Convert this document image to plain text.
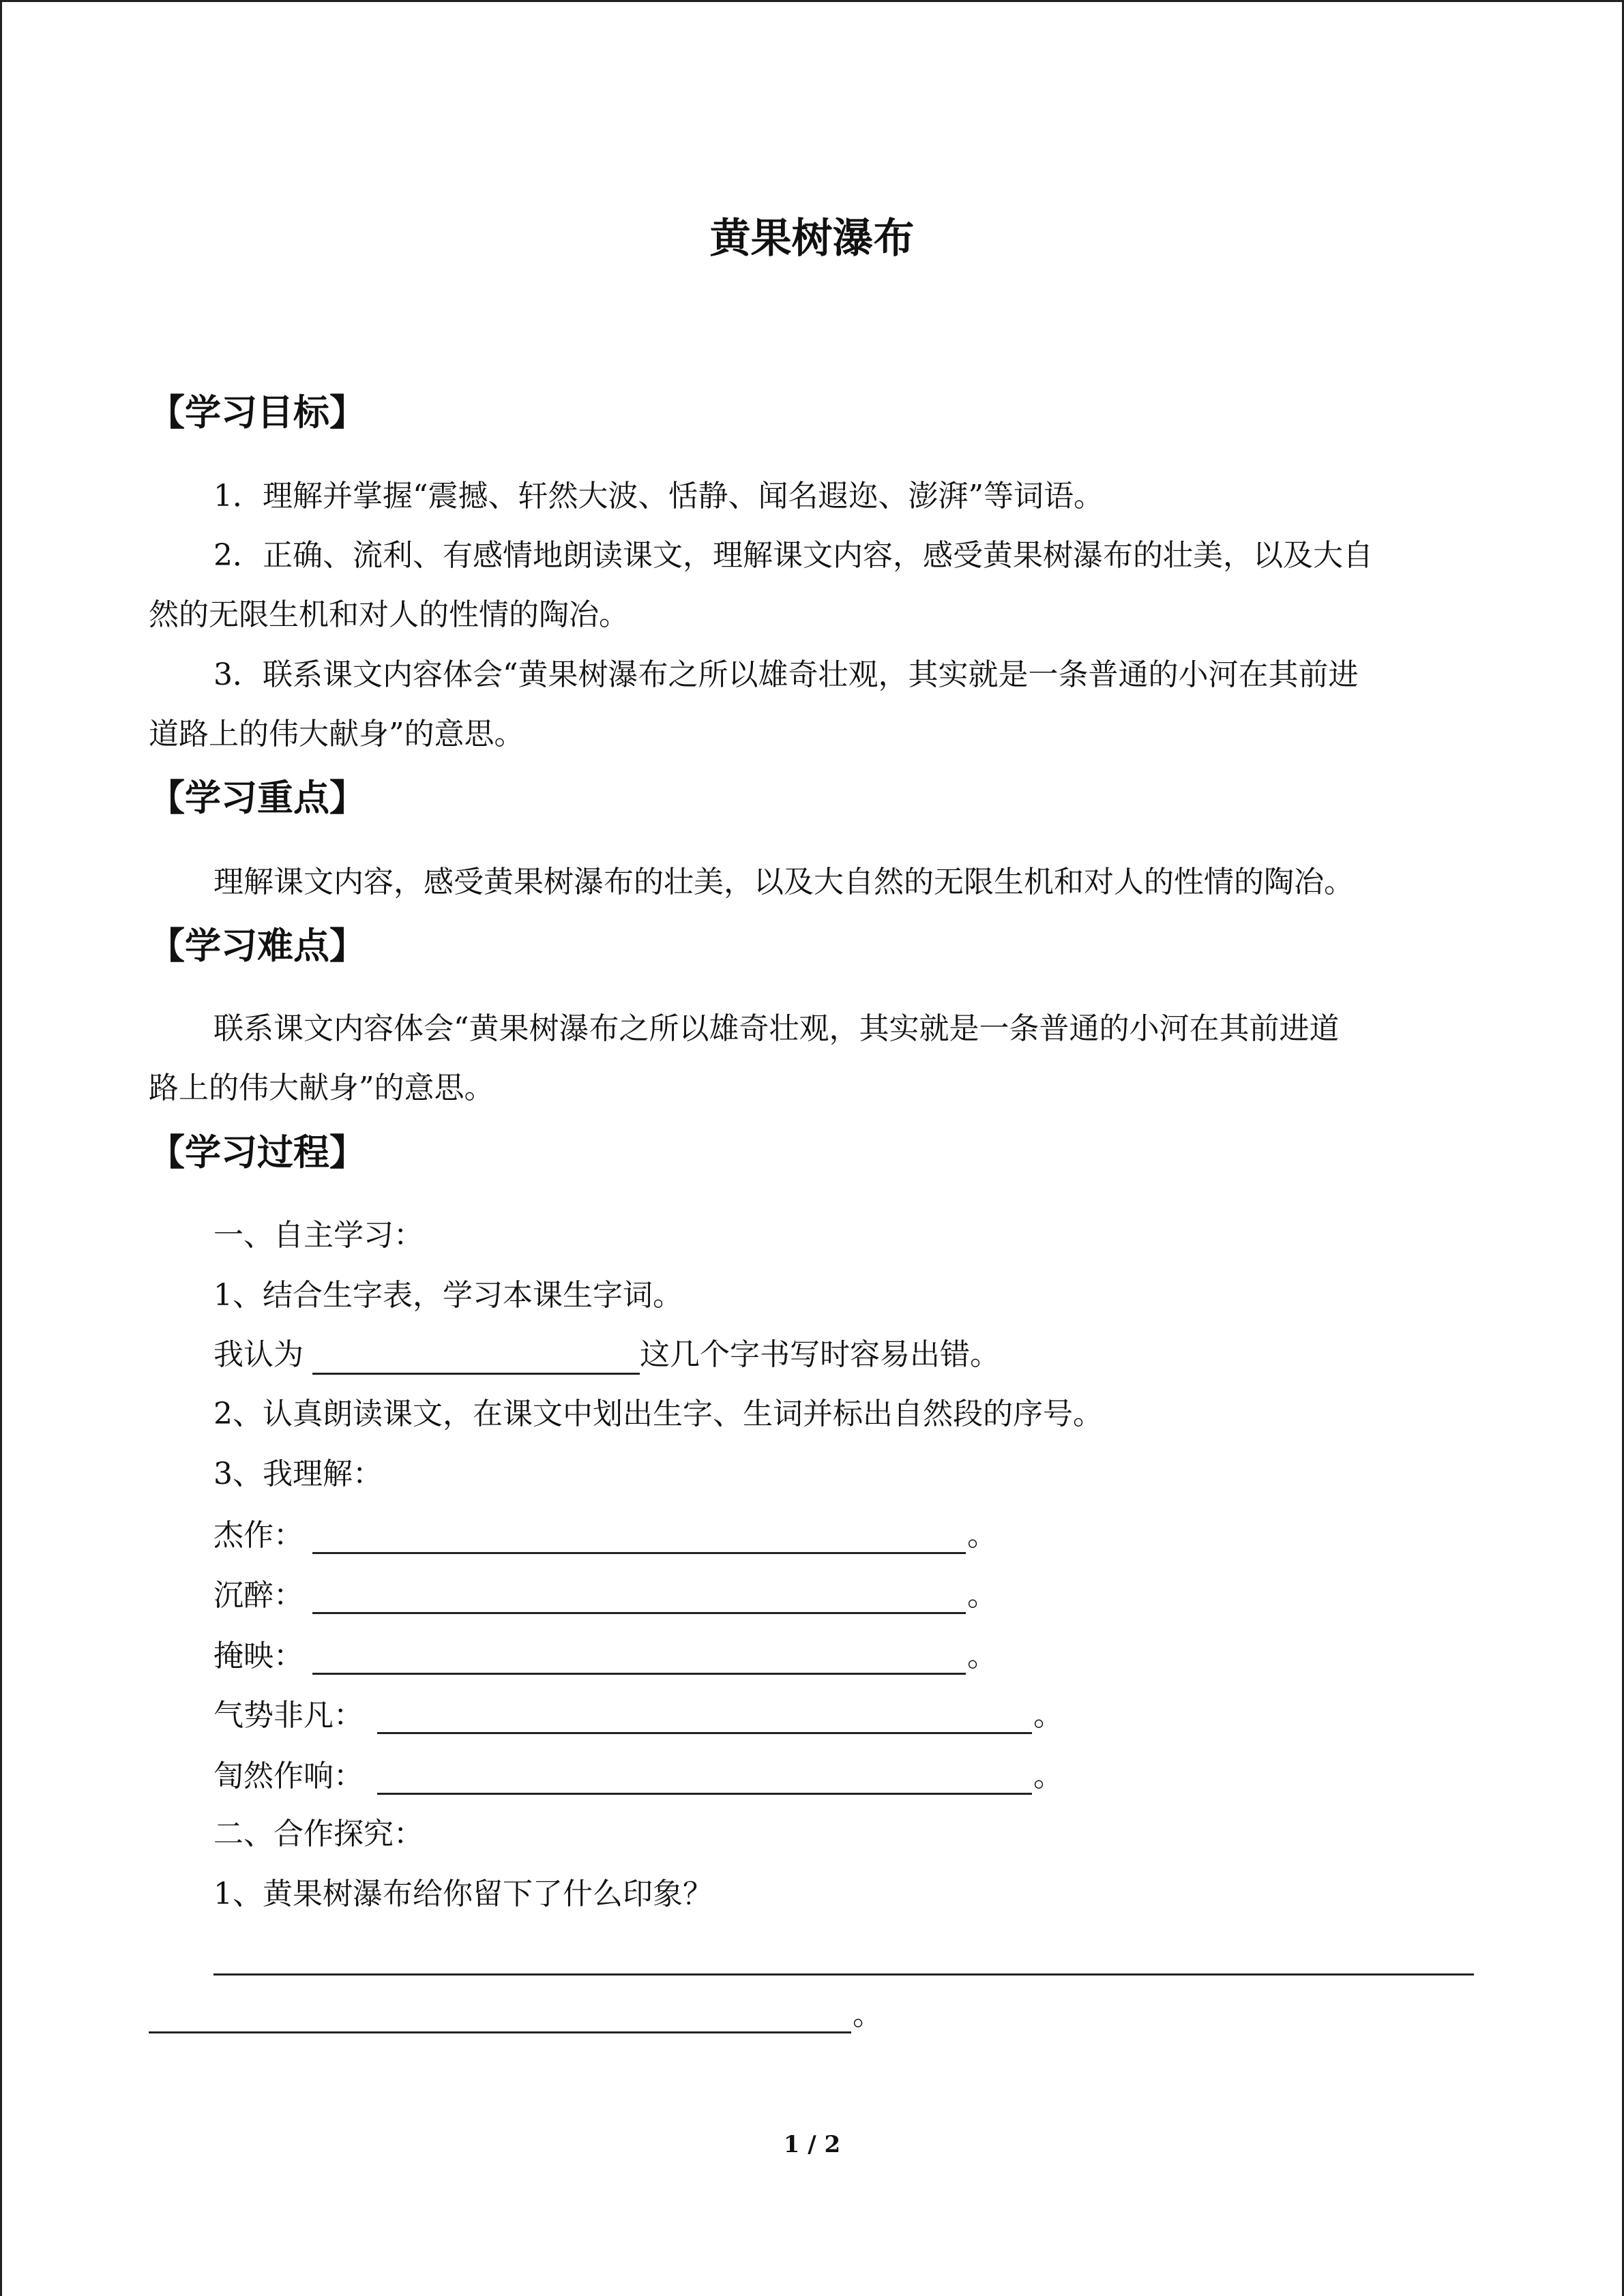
黄果树瀑布
【学习目标】
1．理解并掌握“震撼、轩然大波、恬静、闻名遐迩、澎湃”等词语。
2．正确、流利、有感情地朗读课文，理解课文内容，感受黄果树瀑布的壮美，以及大自
然的无限生机和对人的性情的陶冶。
3．联系课文内容体会“黄果树瀑布之所以雄奇壮观，其实就是一条普通的小河在其前进
道路上的伟大献身”的意思。
【学习重点】
理解课文内容，感受黄果树瀑布的壮美，以及大自然的无限生机和对人的性情的陶冶。
【学习难点】
联系课文内容体会“黄果树瀑布之所以雄奇壮观，其实就是一条普通的小河在其前进道
路上的伟大献身”的意思。
【学习过程】
一、自主学习：
1、结合生字表，学习本课生字词。
我认为	这几个字书写时容易出错。
2、认真朗读课文，在课文中划出生字、生词并标出自然段的序号。
3、我理解：
杰作：	。
沉醉：	。
掩映：	。
气势非凡：	。
訇然作响：	。
二、合作探究：
1、黄果树瀑布给你留下了什么印象？
。
1 / 2
